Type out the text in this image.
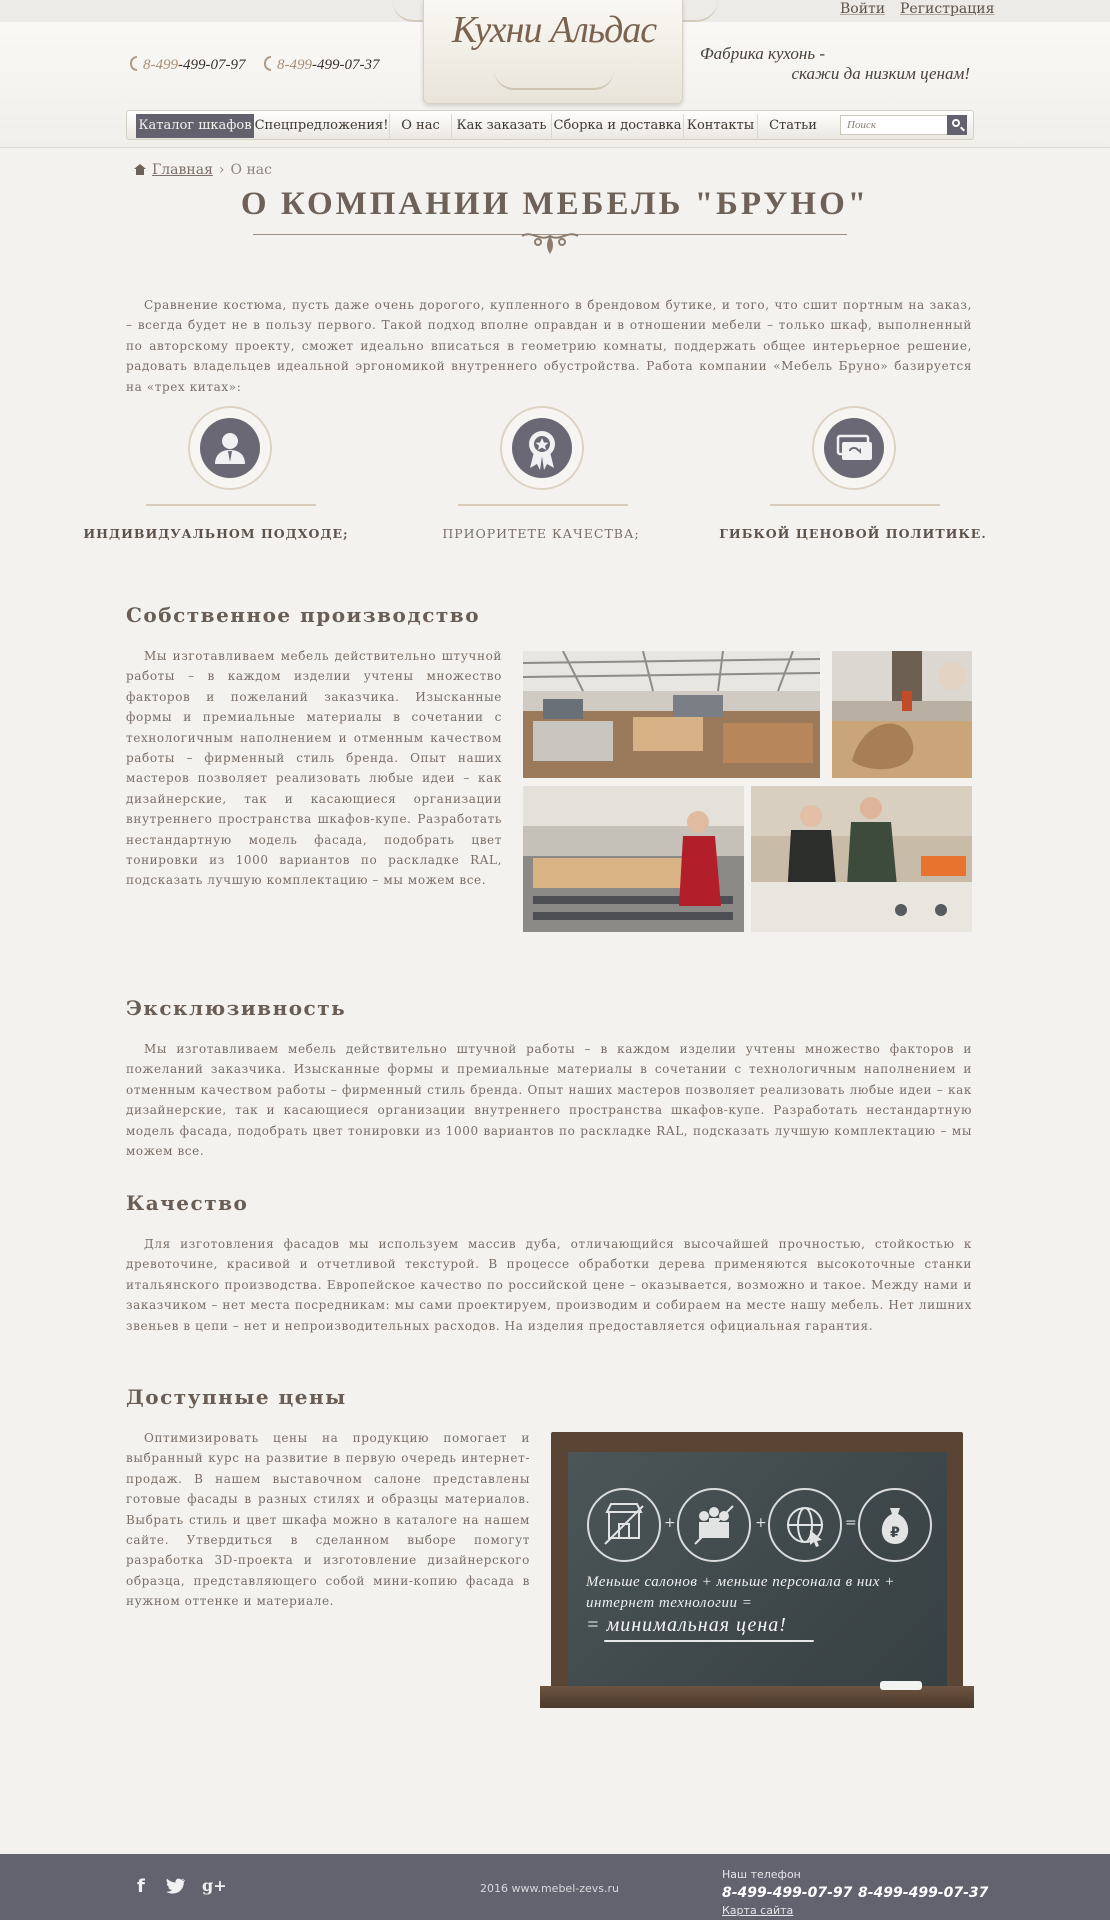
Войти Регистрация
8-499-499-07-97	8-499-499-07-37
Кухни Альдас
Фабрика кухонь -
скажи да низким ценам!
Каталог шкафов Спецпредложения! О нас	Как заказать Сборка и доставка Контакты	Статьи	Поиск
Главная › О нас
О КОМПАНИИ МЕБЕЛЬ "БРУНО"

Сравнение костюма, пусть даже очень дорогого, купленного в брендовом бутике, и того, что сшит портным на заказ, – всегда будет не в пользу первого. Такой подход вполне оправдан и в отношении мебели – только шкаф, выполненный по авторскому проекту, сможет идеально вписаться в геометрию комнаты, поддержать общее интерьерное решение, радовать владельцев идеальной эргономикой внутреннего обустройства. Работа компании «Мебель Бруно» базируется на «трех китах»:

ИНДИВИДУАЛЬНОМ ПОДХОДЕ;	ПРИОРИТЕТЕ КАЧЕСТВА;	ГИБКОЙ ЦЕНОВОЙ ПОЛИТИКЕ.
Собственное производство

Мы изготавливаем мебель действительно штучной работы – в каждом изделии учтены множество факторов и пожеланий заказчика. Изысканные формы и премиальные материалы в сочетании с технологичным наполнением и отменным качеством работы – фирменный стиль бренда. Опыт наших мастеров позволяет реализовать любые идеи – как дизайнерские, так и касающиеся организации внутреннего пространства шкафов-купе. Разработать нестандартную модель фасада, подобрать цвет тонировки из 1000 вариантов по раскладке RAL, подсказать лучшую комплектацию – мы можем все.

Эксклюзивность

Мы изготавливаем мебель действительно штучной работы – в каждом изделии учтены множество факторов и пожеланий заказчика. Изысканные формы и премиальные материалы в сочетании с технологичным наполнением и отменным качеством работы – фирменный стиль бренда. Опыт наших мастеров позволяет реализовать любые идеи – как дизайнерские, так и касающиеся организации внутреннего пространства шкафов-купе. Разработать нестандартную модель фасада, подобрать цвет тонировки из 1000 вариантов по раскладке RAL, подсказать лучшую комплектацию – мы можем все.

Качество

Для изготовления фасадов мы используем массив дуба, отличающийся высочайшей прочностью, стойкостью к древоточине, красивой и отчетливой текстурой. В процессе обработки дерева применяются высокоточные станки итальянского производства. Европейское качество по российской цене – оказывается, возможно и такое. Между нами и заказчиком – нет места посредникам: мы сами проектируем, производим и собираем на месте нашу мебель. Нет лишних звеньев в цепи – нет и непроизводительных расходов. На изделия предоставляется официальная гарантия.

Доступные цены

Оптимизировать цены на продукцию помогает и выбранный курс на развитие в первую очередь интернет-продаж. В нашем выставочном салоне представлены готовые фасады в разных стилях и образцы материалов. Выбрать стиль и цвет шкафа можно в каталоге на нашем сайте. Утвердиться в сделанном выборе помогут разработка 3D-проекта и изготовление дизайнерского образца, представляющего собой мини-копию фасада в нужном оттенке и материале.

+	+	=
₽
Меньше салонов + меньше персонала в них +
интернет технологии =
= минимальная цена!
f	g+	2016 www.mebel-zevs.ru
Наш телефон
8-499-499-07-97 8-499-499-07-37
Карта сайта
